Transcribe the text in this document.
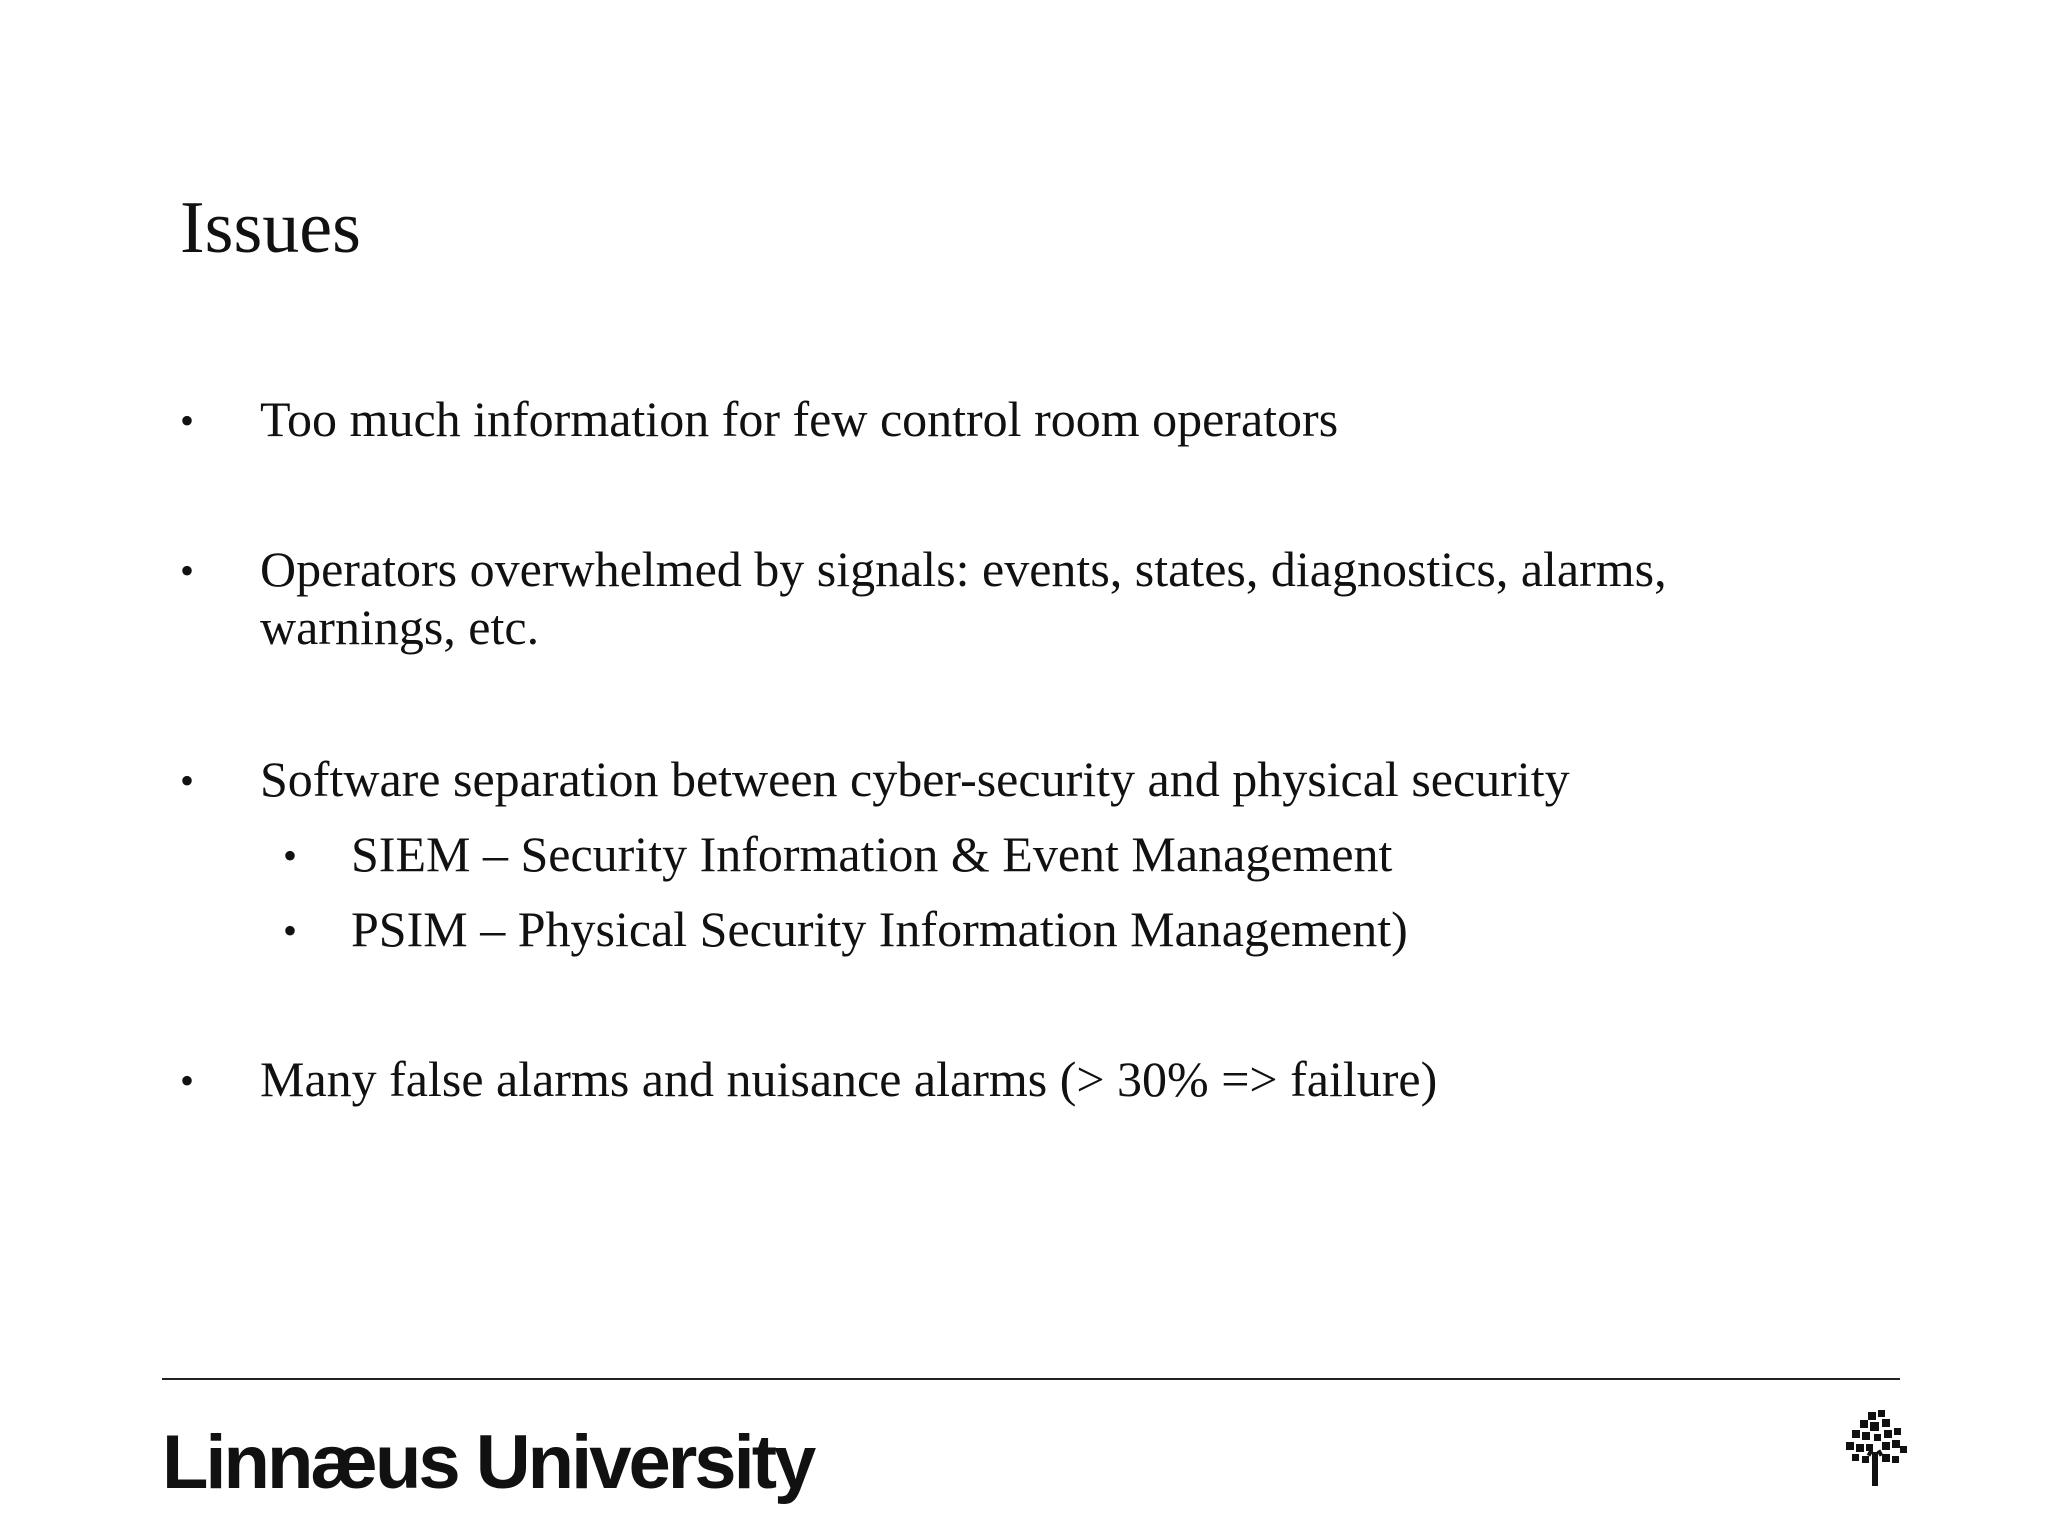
Issues
• Too much information for few control room operators
• Operators overwhelmed by signals: events, states, diagnostics, alarms,
warnings, etc.
• Software separation between cyber-security and physical security
• SIEM – Security Information & Event Management
• PSIM – Physical Security Information Management)
• Many false alarms and nuisance alarms (> 30% => failure)
Linnæus University
